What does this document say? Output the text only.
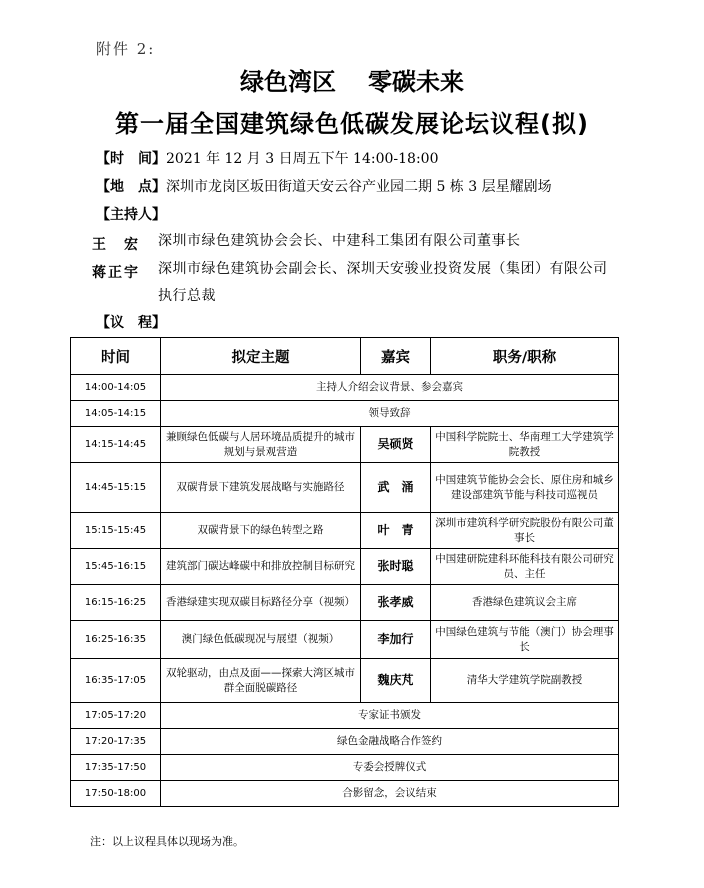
附件 2:
绿色湾区 零碳未来
第一届全国建筑绿色低碳发展论坛议程(拟)
【时　间】2021 年 12 月 3 日周五下午 14:00-18:00
【地　点】深圳市龙岗区坂田街道天安云谷产业园二期 5 栋 3 层星耀剧场
【主持人】
王　宏 深圳市绿色建筑协会会长、中建科工集团有限公司董事长
蒋正宇 深圳市绿色建筑协会副会长、深圳天安骏业投资发展（集团）有限公司执行总裁
【议　程】
时间	拟定主题	嘉宾	职务/职称
14:00-14:05	主持人介绍会议背景、参会嘉宾		
14:05-14:15	领导致辞		
14:15-14:45	兼顾绿色低碳与人居环境品质提升的城市规划与景观营造	吴硕贤	中国科学院院士、华南理工大学建筑学院教授
14:45-15:15	双碳背景下建筑发展战略与实施路径	武　涌	中国建筑节能协会会长、原住房和城乡建设部建筑节能与科技司巡视员
15:15-15:45	双碳背景下的绿色转型之路	叶　青	深圳市建筑科学研究院股份有限公司董事长
15:45-16:15	建筑部门碳达峰碳中和排放控制目标研究	张时聪	中国建研院建科环能科技有限公司研究员、主任
16:15-16:25	香港绿建实现双碳目标路径分享（视频）	张孝威	香港绿色建筑议会主席
16:25-16:35	澳门绿色低碳现况与展望（视频）	李加行	中国绿色建筑与节能（澳门）协会理事长
16:35-17:05	双轮驱动，由点及面——探索大湾区城市群全面脱碳路径	魏庆芃	清华大学建筑学院副教授
17:05-17:20	专家证书颁发		
17:20-17:35	绿色金融战略合作签约		
17:35-17:50	专委会授牌仪式		
17:50-18:00	合影留念，会议结束		
注：以上议程具体以现场为准。
